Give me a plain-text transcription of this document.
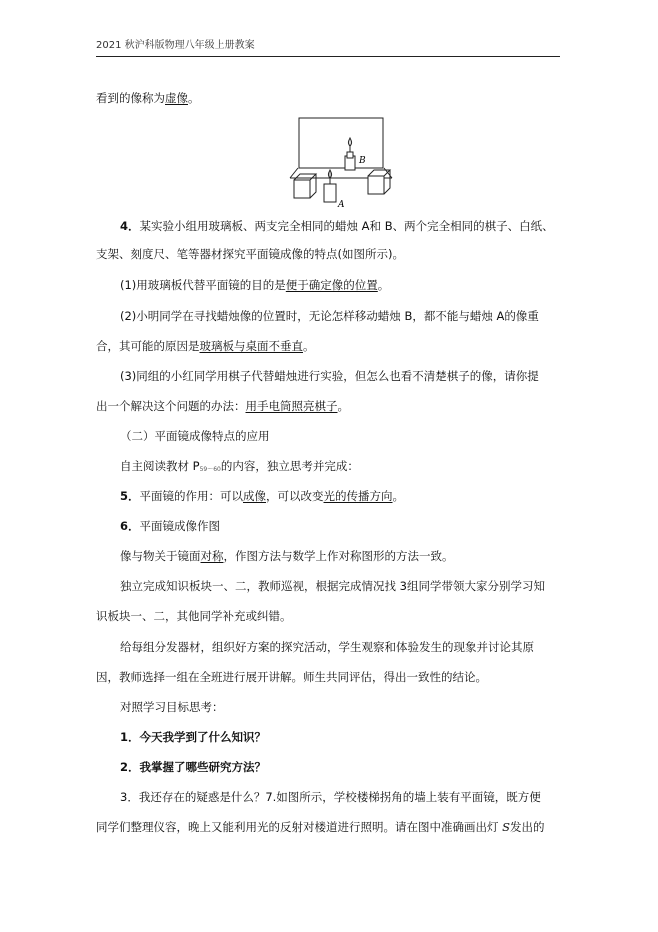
2021 秋沪科版物理八年级上册教案
看到的像称为虚像。
B
A
4．某实验小组用玻璃板、两支完全相同的蜡烛 A和 B、两个完全相同的棋子、白纸、
支架、刻度尺、笔等器材探究平面镜成像的特点(如图所示)。
(1)用玻璃板代替平面镜的目的是便于确定像的位置。
(2)小明同学在寻找蜡烛像的位置时，无论怎样移动蜡烛 B，都不能与蜡烛 A的像重
合，其可能的原因是玻璃板与桌面不垂直。
(3)同组的小红同学用棋子代替蜡烛进行实验，但怎么也看不清楚棋子的像，请你提
出一个解决这个问题的办法：用手电筒照亮棋子。
（二）平面镜成像特点的应用
自主阅读教材 $P_{59\sim 60}$的内容，独立思考并完成：
5．平面镜的作用：可以成像，可以改变光的传播方向。
6．平面镜成像作图
像与物关于镜面对称，作图方法与数学上作对称图形的方法一致。
独立完成知识板块一、二，教师巡视，根据完成情况找 3组同学带领大家分别学习知
识板块一、二，其他同学补充或纠错。
给每组分发器材，组织好方案的探究活动，学生观察和体验发生的现象并讨论其原
因，教师选择一组在全班进行展开讲解。师生共同评估，得出一致性的结论。
对照学习目标思考：
1．今天我学到了什么知识？
2．我掌握了哪些研究方法？
3．我还存在的疑惑是什么？7.如图所示，学校楼梯拐角的墙上装有平面镜，既方便
同学们整理仪容，晚上又能利用光的反射对楼道进行照明。请在图中准确画出灯 S发出的
